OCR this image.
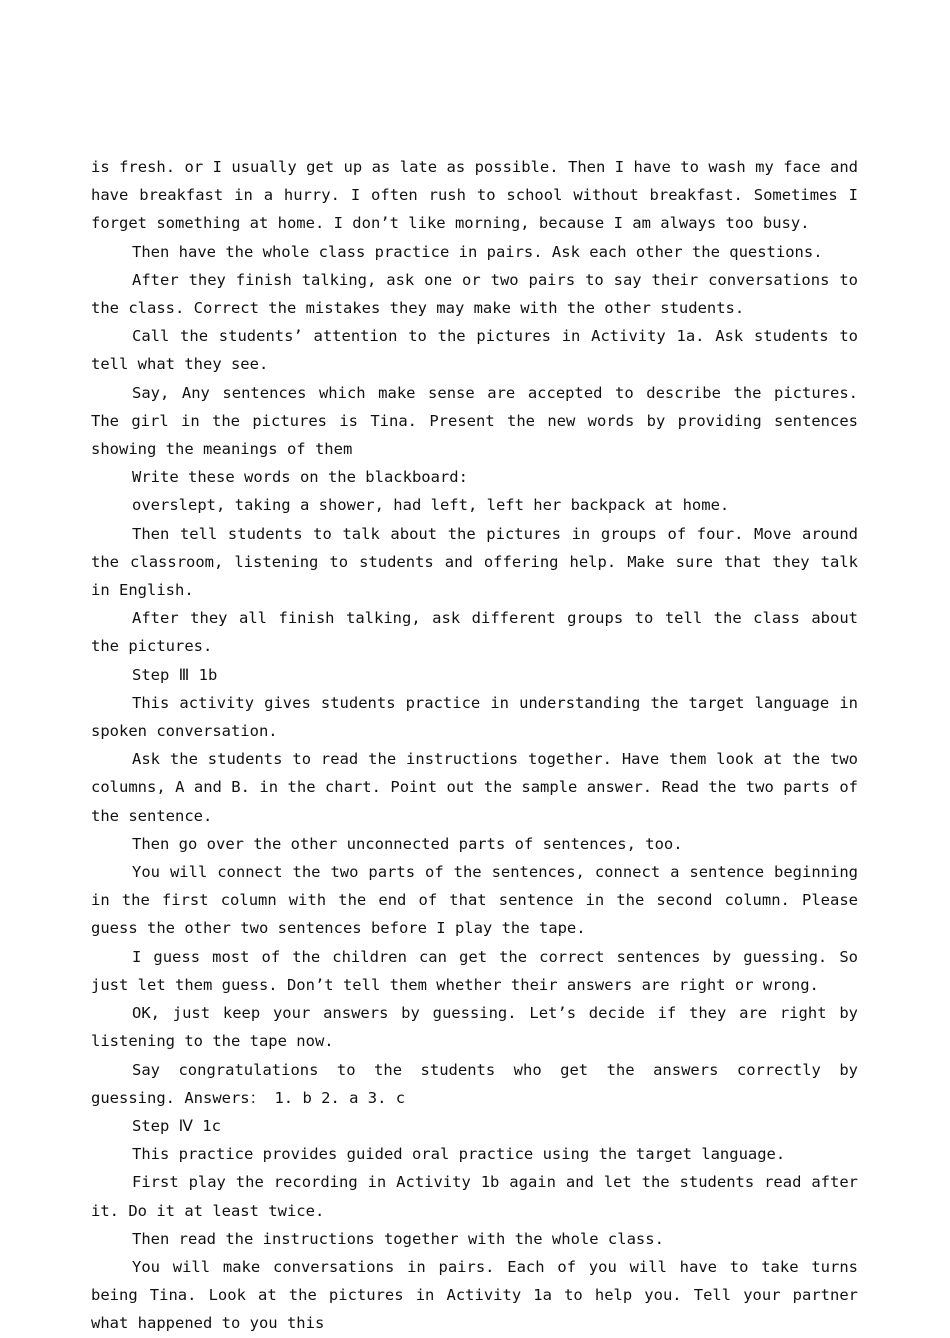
is fresh. or I usually get up as late as possible. Then I have to wash my face and have breakfast in a hurry. I often rush to school without breakfast. Sometimes I forget something at home. I don’t like morning, because I am always too busy.

Then have the whole class practice in pairs. Ask each other the questions.

After they finish talking, ask one or two pairs to say their conversations to the class. Correct the mistakes they may make with the other students.

Call the students’ attention to the pictures in Activity 1a. Ask students to tell what they see.

Say, Any sentences which make sense are accepted to describe the pictures. The girl in the pictures is Tina. Present the new words by providing sentences showing the meanings of them

Write these words on the blackboard:

overslept, taking a shower, had left, left her backpack at home.

Then tell students to talk about the pictures in groups of four. Move around the classroom, listening to students and offering help. Make sure that they talk in English.

After they all finish talking, ask different groups to tell the class about the pictures.

Step Ⅲ 1b

This activity gives students practice in understanding the target language in spoken conversation.

Ask the students to read the instructions together. Have them look at the two columns, A and B. in the chart. Point out the sample answer. Read the two parts of the sentence.

Then go over the other unconnected parts of sentences, too.

You will connect the two parts of the sentences, connect a sentence beginning in the first column with the end of that sentence in the second column. Please guess the other two sentences before I play the tape.

I guess most of the children can get the correct sentences by guessing. So just let them guess. Don’t tell them whether their answers are right or wrong.

OK, just keep your answers by guessing. Let’s decide if they are right by listening to the tape now.

Say congratulations to the students who get the answers correctly by guessing. Answers： 1. b 2. a 3. c

Step Ⅳ 1c

This practice provides guided oral practice using the target language.

First play the recording in Activity 1b again and let the students read after it. Do it at least twice.

Then read the instructions together with the whole class.

You will make conversations in pairs. Each of you will have to take turns being Tina. Look at the pictures in Activity 1a to help you. Tell your partner what happened to you this
